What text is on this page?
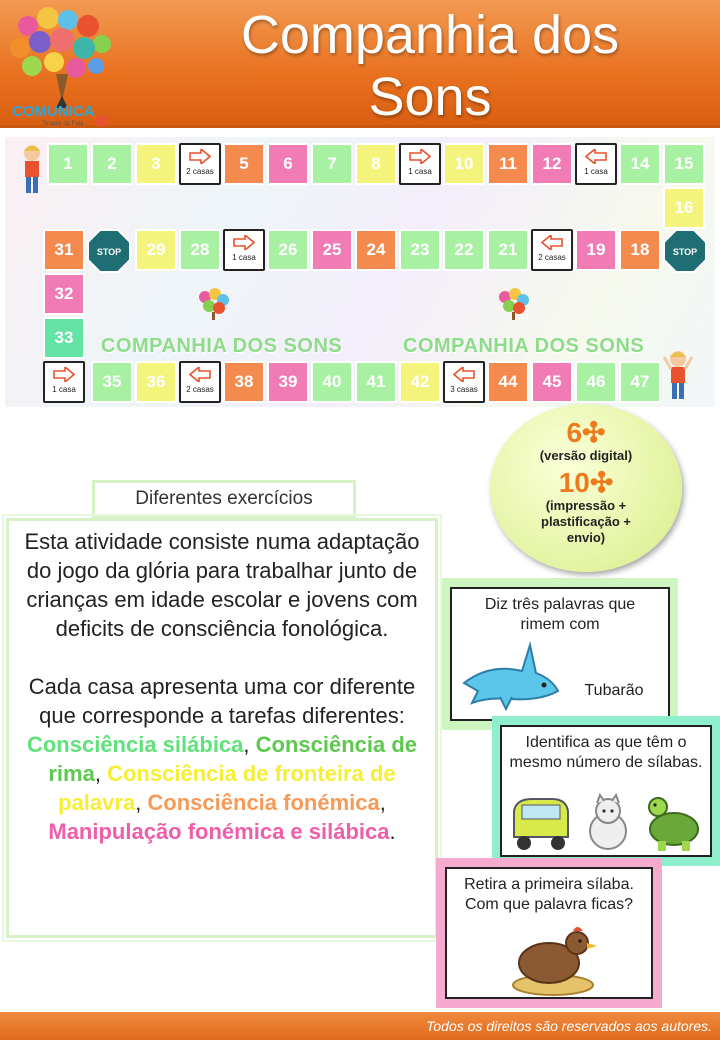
COMUNICA
Terapia da Fala
Companhia dos
Sons
COMPANHIA DOS SONS	COMPANHIA DOS SONS
1	2	3	2 casas	5	6	7	8	1 casa	10	11	12	1 casa	14	15
16
18
19
2 casas
21
22
23
24
25
26
1 casa
28
29
31
32
33
1 casa	35	36	2 casas	38	39	40	41	42	3 casas	44	45	46	47
STOP	STOP
6✣
(versão digital)
10✣
(impressão +
plastificação +
envio)
Diferentes exercícios

Esta atividade consiste numa adaptação do jogo da glória para trabalhar junto de crianças em idade escolar e jovens com deficits de consciência fonológica.

Cada casa apresenta uma cor diferente que corresponde a tarefas diferentes: Consciência silábica, Consciência de rima, Consciência de fronteira de palavra, Consciência fonémica, Manipulação fonémica e silábica.

Diz três palavras que rimem com
Tubarão
Identifica as que têm o mesmo número de sílabas.
Retira a primeira sílaba. Com que palavra ficas?
Todos os direitos são reservados aos autores.
